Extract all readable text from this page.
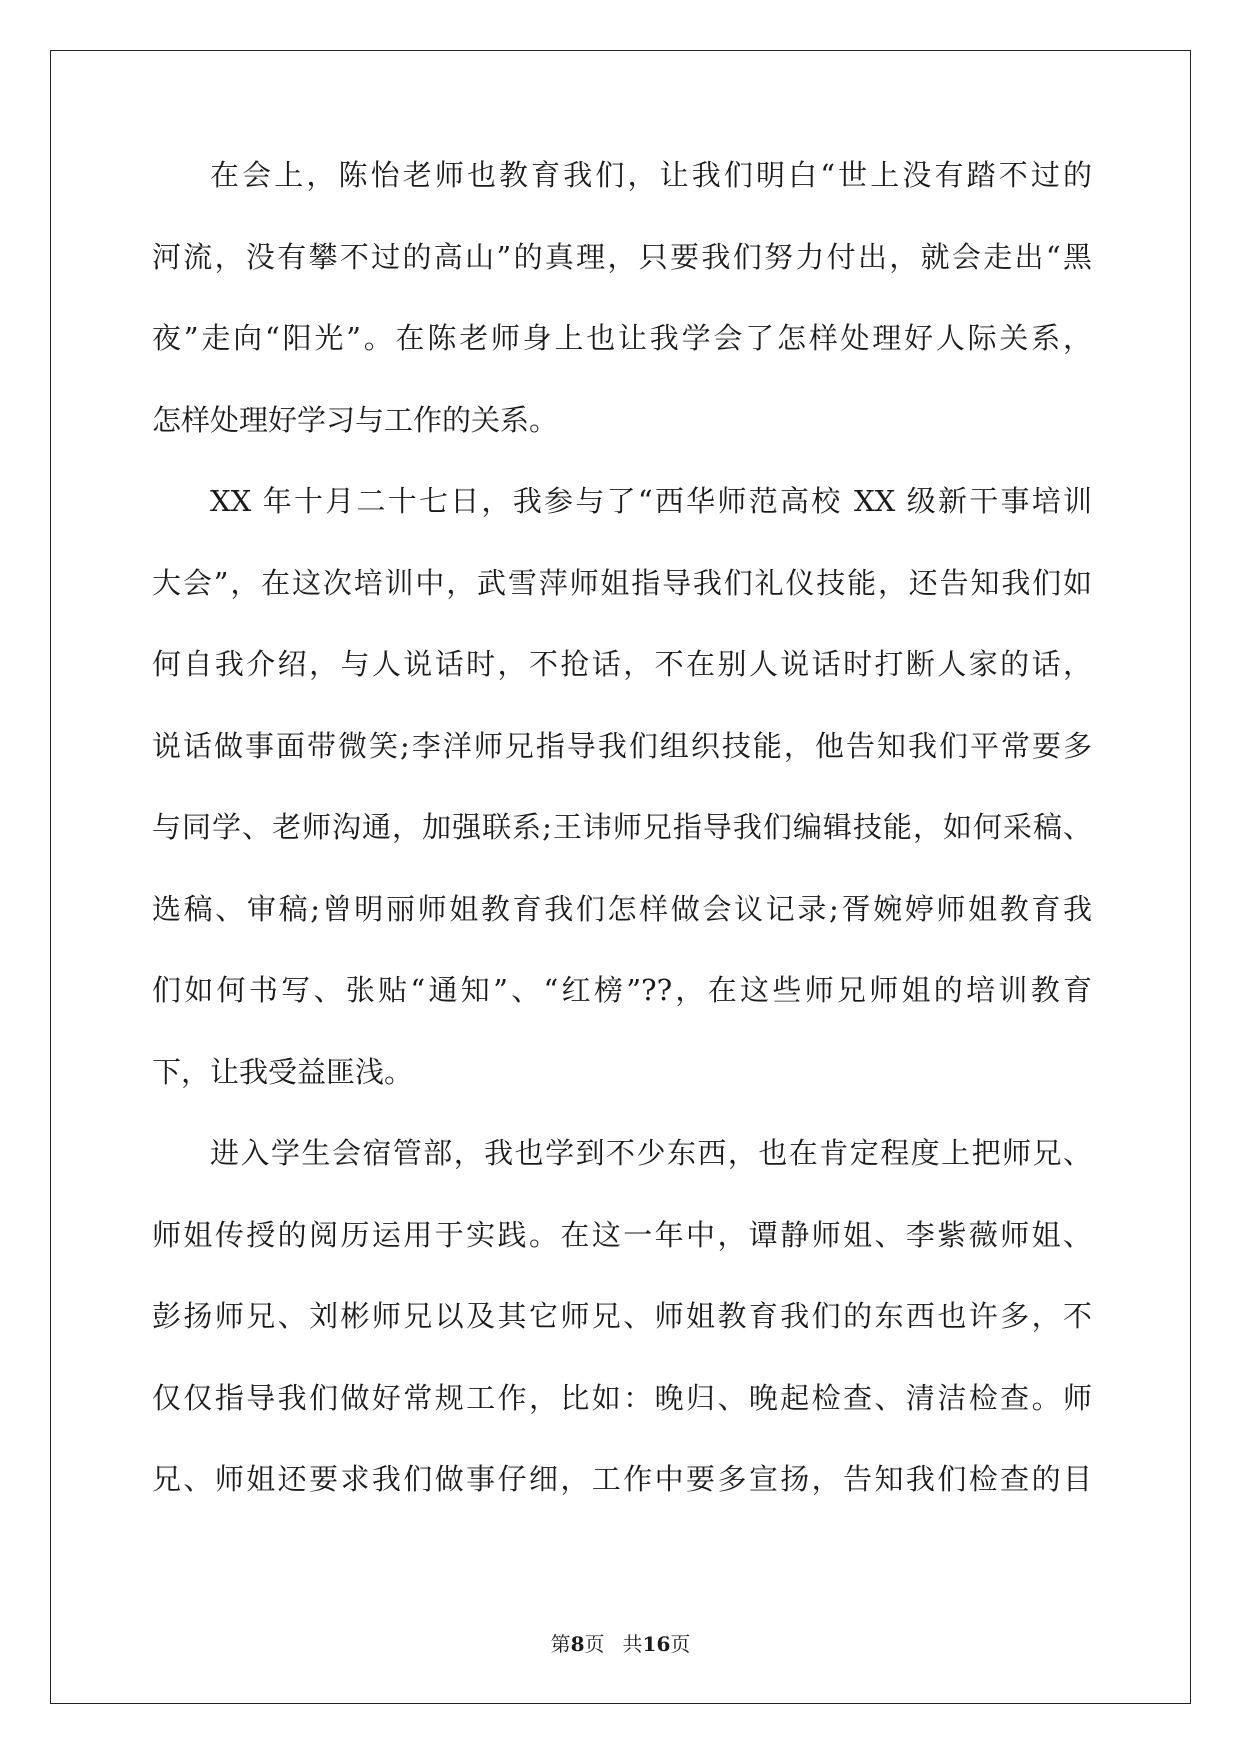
在会上，陈怡老师也教育我们，让我们明白“世上没有踏不过的
河流，没有攀不过的高山”的真理，只要我们努力付出，就会走出“黑
夜”走向“阳光”。在陈老师身上也让我学会了怎样处理好人际关系，
怎样处理好学习与工作的关系。
XX 年十月二十七日，我参与了“西华师范高校 XX 级新干事培训
大会”，在这次培训中，武雪萍师姐指导我们礼仪技能，还告知我们如
何自我介绍，与人说话时，不抢话，不在别人说话时打断人家的话，
说话做事面带微笑;李洋师兄指导我们组织技能，他告知我们平常要多
与同学、老师沟通，加强联系;王讳师兄指导我们编辑技能，如何采稿、
选稿、审稿;曾明丽师姐教育我们怎样做会议记录;胥婉婷师姐教育我
们如何书写、张贴“通知”、“红榜”??，在这些师兄师姐的培训教育
下，让我受益匪浅。
进入学生会宿管部，我也学到不少东西，也在肯定程度上把师兄、
师姐传授的阅历运用于实践。在这一年中，谭静师姐、李紫薇师姐、
彭扬师兄、刘彬师兄以及其它师兄、师姐教育我们的东西也许多，不
仅仅指导我们做好常规工作，比如：晚归、晚起检查、清洁检查。师
兄、师姐还要求我们做事仔细，工作中要多宣扬，告知我们检查的目
第8页 共16页
